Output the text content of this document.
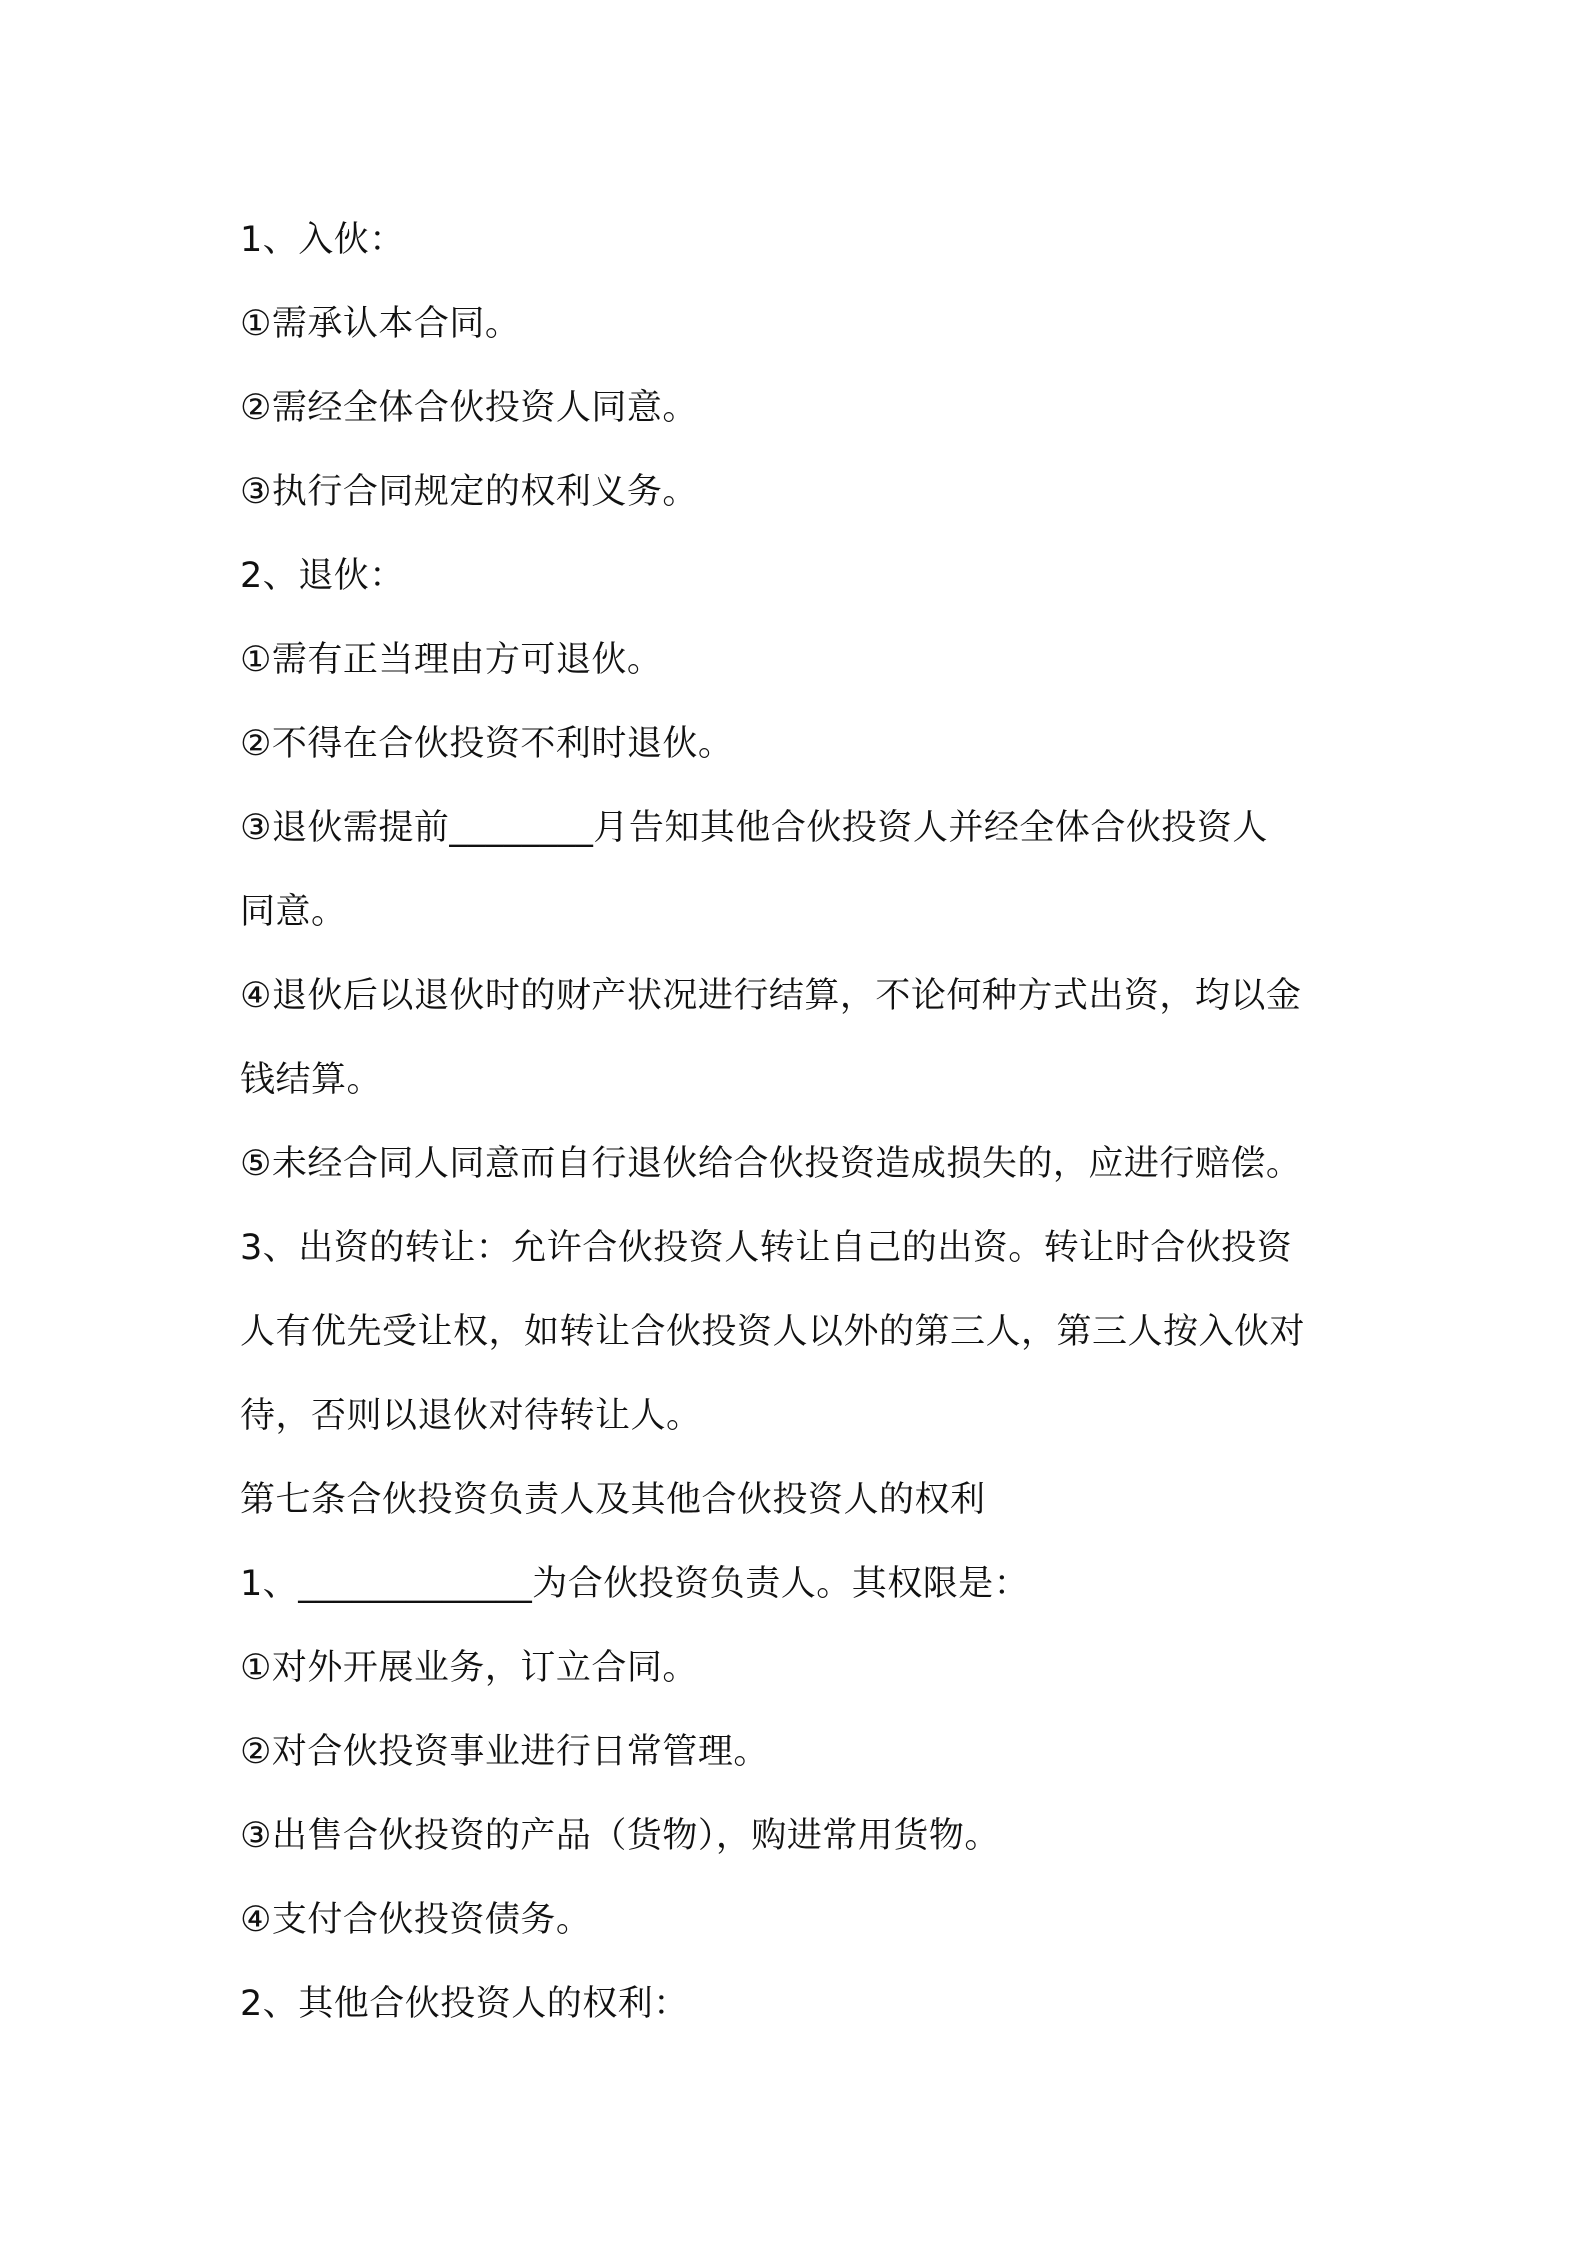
1、入伙：
①需承认本合同。
②需经全体合伙投资人同意。
③执行合同规定的权利义务。
2、退伙：
①需有正当理由方可退伙。
②不得在合伙投资不利时退伙。
③退伙需提前________月告知其他合伙投资人并经全体合伙投资人
同意。
④退伙后以退伙时的财产状况进行结算，不论何种方式出资，均以金
钱结算。
⑤未经合同人同意而自行退伙给合伙投资造成损失的，应进行赔偿。
3、出资的转让：允许合伙投资人转让自己的出资。转让时合伙投资
人有优先受让权，如转让合伙投资人以外的第三人，第三人按入伙对
待，否则以退伙对待转让人。
第七条合伙投资负责人及其他合伙投资人的权利
1、_____________为合伙投资负责人。其权限是：
①对外开展业务，订立合同。
②对合伙投资事业进行日常管理。
③出售合伙投资的产品（货物），购进常用货物。
④支付合伙投资债务。
2、其他合伙投资人的权利：
